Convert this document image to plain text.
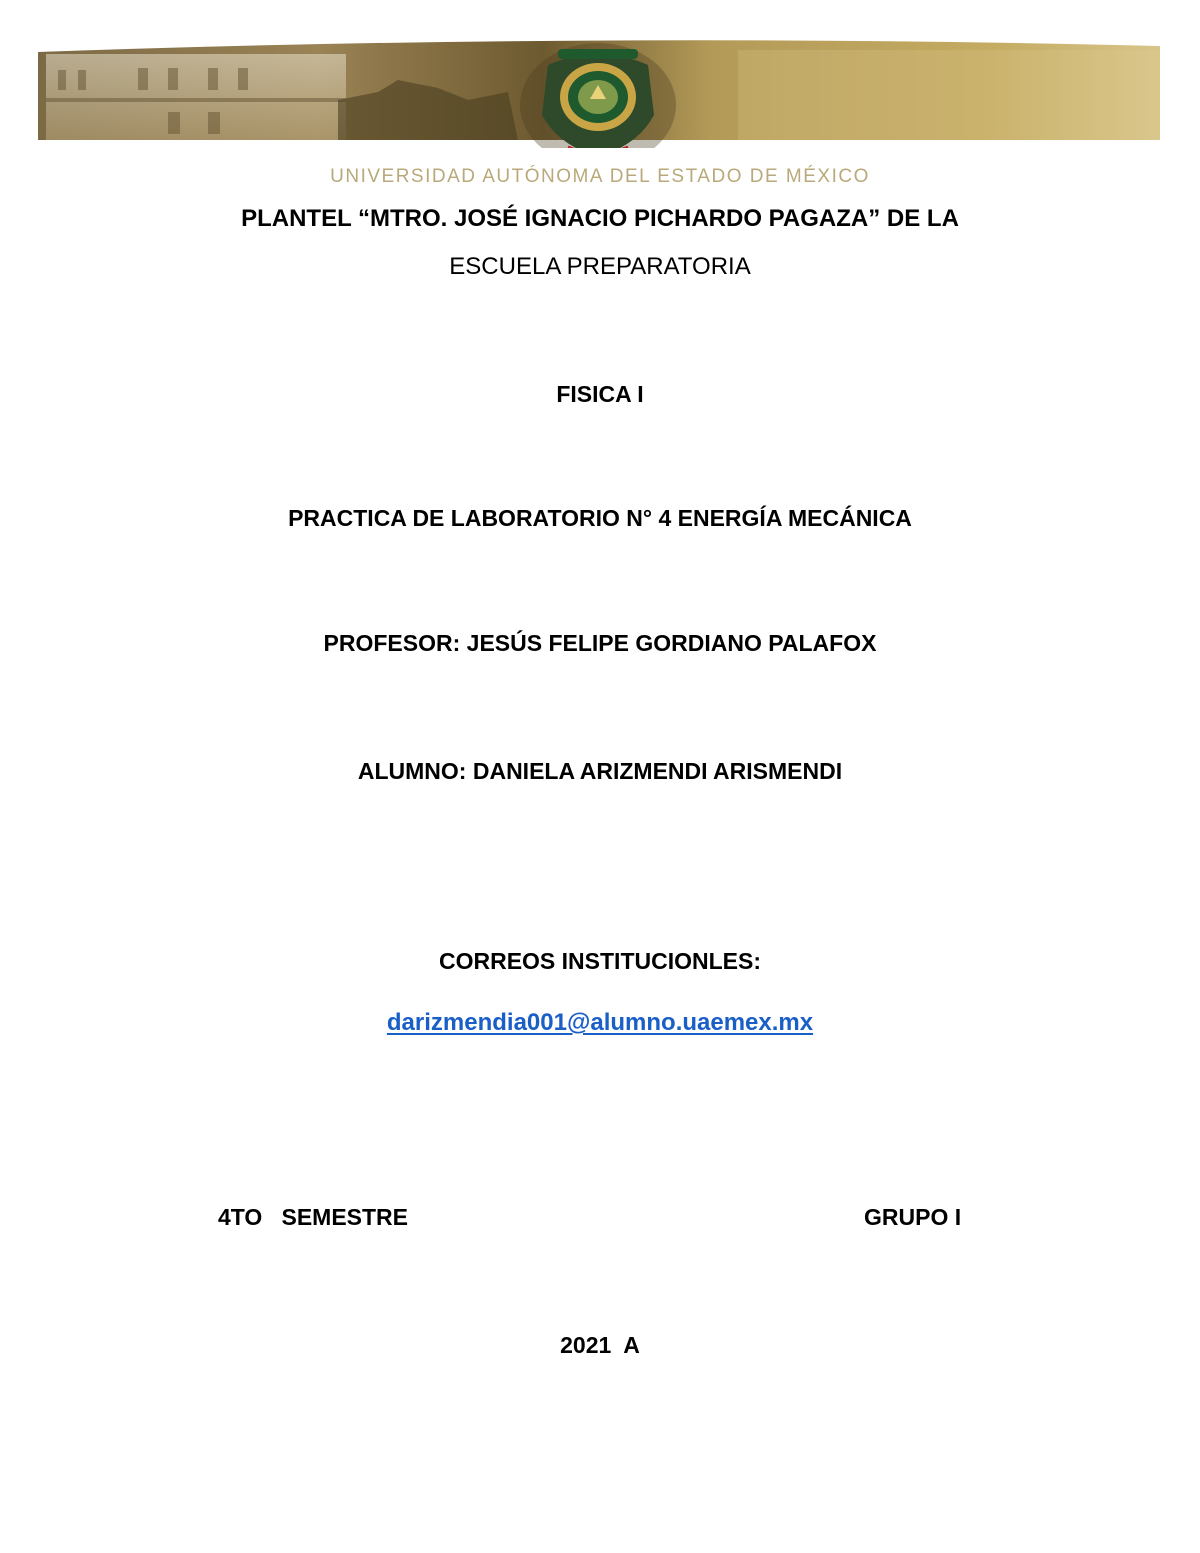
UNIVERSIDAD AUTÓNOMA DEL ESTADO DE MÉXICO
PLANTEL “MTRO. JOSÉ IGNACIO PICHARDO PAGAZA” DE LA
ESCUELA PREPARATORIA
FISICA I
PRACTICA DE LABORATORIO N° 4 ENERGÍA MECÁNICA
PROFESOR: JESÚS FELIPE GORDIANO PALAFOX
ALUMNO: DANIELA ARIZMENDI ARISMENDI
CORREOS INSTITUCIONLES:
darizmendia001@alumno.uaemex.mx
4TO   SEMESTRE	GRUPO I
2021  A
